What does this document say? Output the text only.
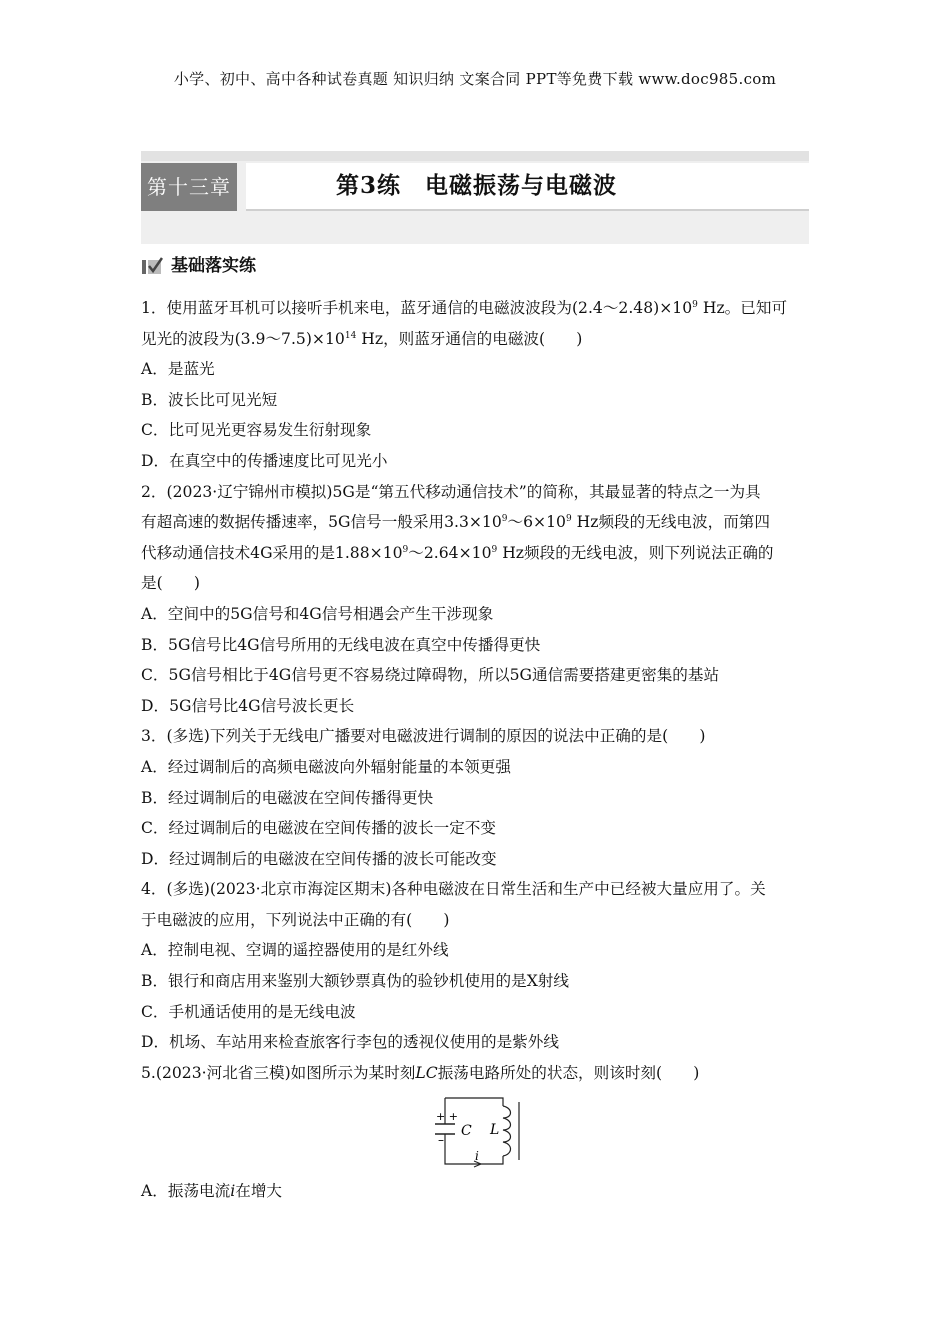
小学、初中、高中各种试卷真题 知识归纳 文案合同 PPT等免费下载 www.doc985.com
第十三章	第3练　电磁振荡与电磁波
基础落实练
1．使用蓝牙耳机可以接听手机来电，蓝牙通信的电磁波波段为$(2.4\sim 2.48)\times 10^9$ Hz。已知可
见光的波段为$(3.9\sim 7.5)\times 10^{14}$ Hz，则蓝牙通信的电磁波(　　)
A．是蓝光
B．波长比可见光短
C．比可见光更容易发生衍射现象
D．在真空中的传播速度比可见光小
2．(2023·辽宁锦州市模拟)5G是“第五代移动通信技术”的简称，其最显著的特点之一为具
有超高速的数据传播速率，5G信号一般采用$3.3\times 10^9\sim 6\times 10^9$ Hz频段的无线电波，而第四
代移动通信技术4G采用的是$1.88\times 10^9\sim 2.64\times 10^9$ Hz频段的无线电波，则下列说法正确的
是(　　)
A．空间中的5G信号和4G信号相遇会产生干涉现象
B．5G信号比4G信号所用的无线电波在真空中传播得更快
C．5G信号相比于4G信号更不容易绕过障碍物，所以5G通信需要搭建更密集的基站
D．5G信号比4G信号波长更长
3．(多选)下列关于无线电广播要对电磁波进行调制的原因的说法中正确的是(　　)
A．经过调制后的高频电磁波向外辐射能量的本领更强
B．经过调制后的电磁波在空间传播得更快
C．经过调制后的电磁波在空间传播的波长一定不变
D．经过调制后的电磁波在空间传播的波长可能改变
4．(多选)(2023·北京市海淀区期末)各种电磁波在日常生活和生产中已经被大量应用了。关
于电磁波的应用，下列说法中正确的有(　　)
A．控制电视、空调的遥控器使用的是红外线
B．银行和商店用来鉴别大额钞票真伪的验钞机使用的是X射线
C．手机通话使用的是无线电波
D．机场、车站用来检查旅客行李包的透视仪使用的是紫外线
5.(2023·河北省三模)如图所示为某时刻LC振荡电路所处的状态，则该时刻(　　)
+ +
–
C L
i
A．振荡电流i在增大
